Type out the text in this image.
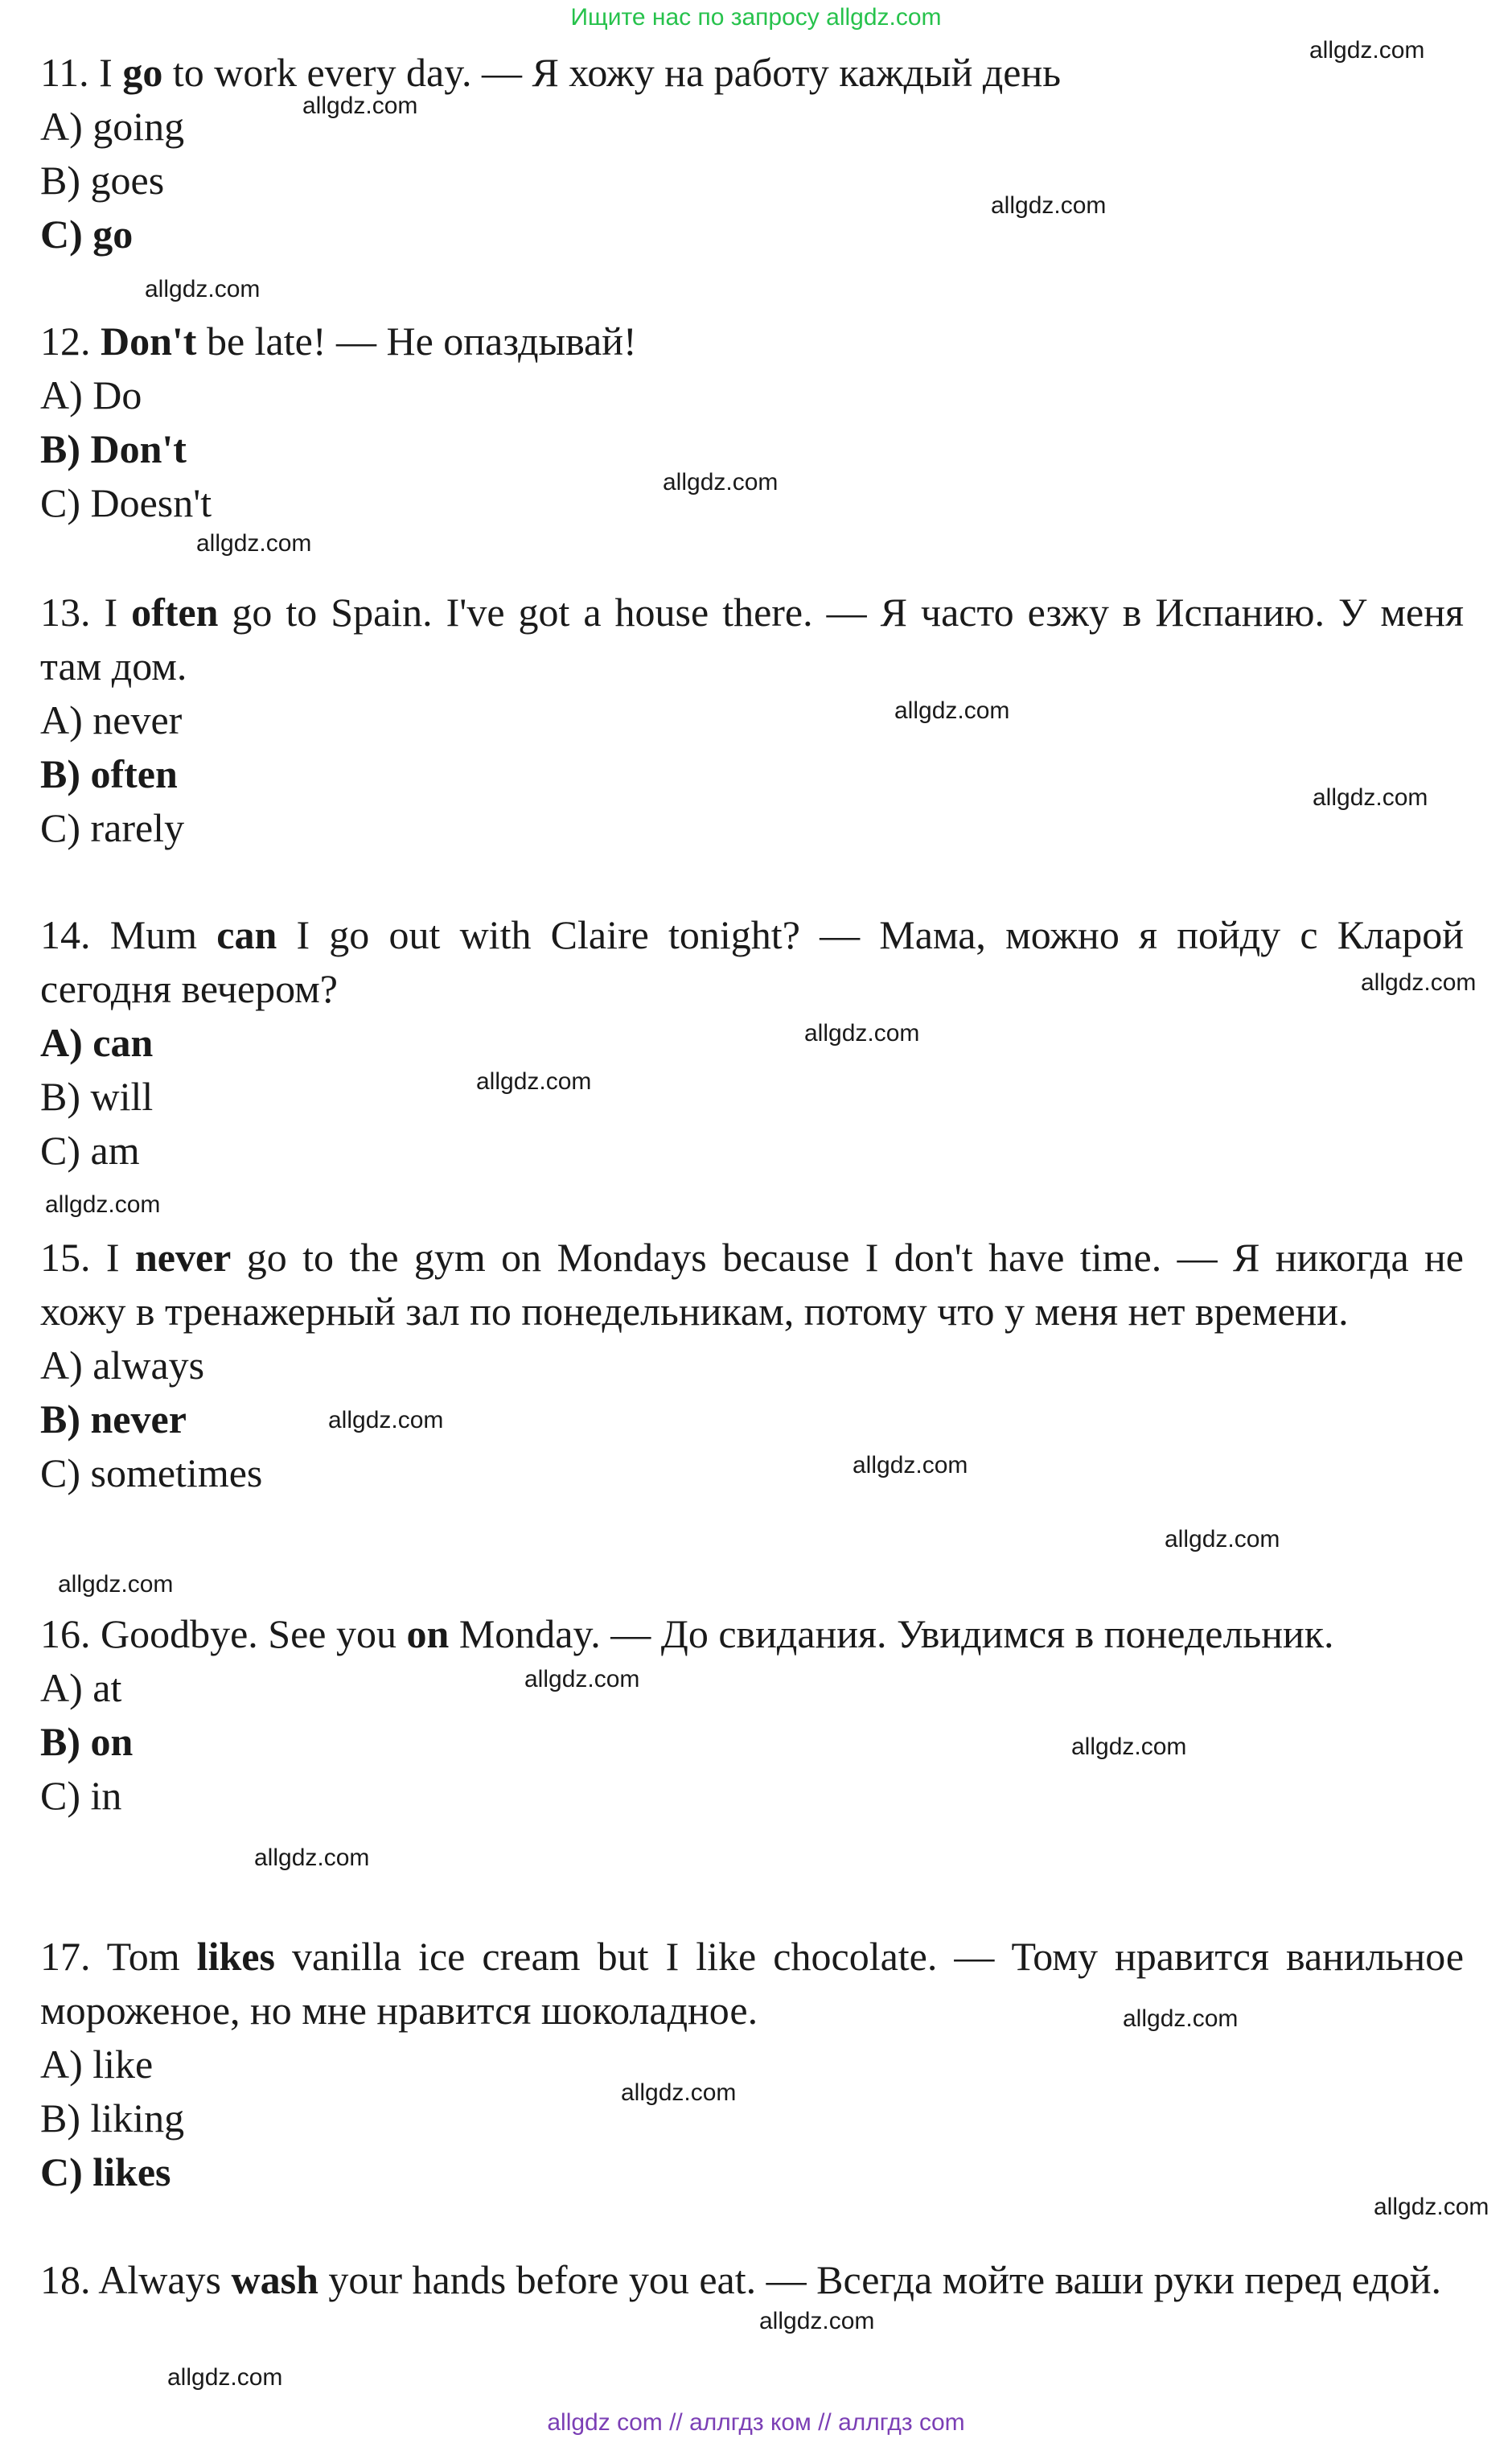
Ищите нас по запросу allgdz.com

11. I go to work every day. — Я хожу на работу каждый день

A) going

B) goes

C) go

12. Don't be late! — Не опаздывай!

A) Do

B) Don't

C) Doesn't

13. I often go to Spain. I've got a house there. — Я часто езжу в Испанию. У меня там дом.

A) never

B) often

C) rarely

14. Mum can I go out with Claire tonight? — Мама, можно я пойду с Кларой сегодня вечером?

A) can

B) will

C) am

15. I never go to the gym on Mondays because I don't have time. — Я никогда не хожу в тренажерный зал по понедельникам, потому что у меня нет времени.

A) always

B) never

C) sometimes

16. Goodbye. See you on Monday. — До свидания. Увидимся в понедельник.

A) at

B) on

C) in

17. Tom likes vanilla ice cream but I like chocolate. — Тому нравится ванильное мороженое, но мне нравится шоколадное.

A) like

B) liking

C) likes

18. Always wash your hands before you eat. — Всегда мойте ваши руки перед едой.

allgdz.com
allgdz.com
allgdz.com
allgdz.com
allgdz.com
allgdz.com
allgdz.com
allgdz.com
allgdz.com
allgdz.com
allgdz.com
allgdz.com
allgdz.com
allgdz.com
allgdz.com
allgdz.com
allgdz.com
allgdz.com
allgdz.com
allgdz.com
allgdz.com
allgdz.com
allgdz.com
allgdz.com
allgdz com // аллгдз ком // аллгдз com
